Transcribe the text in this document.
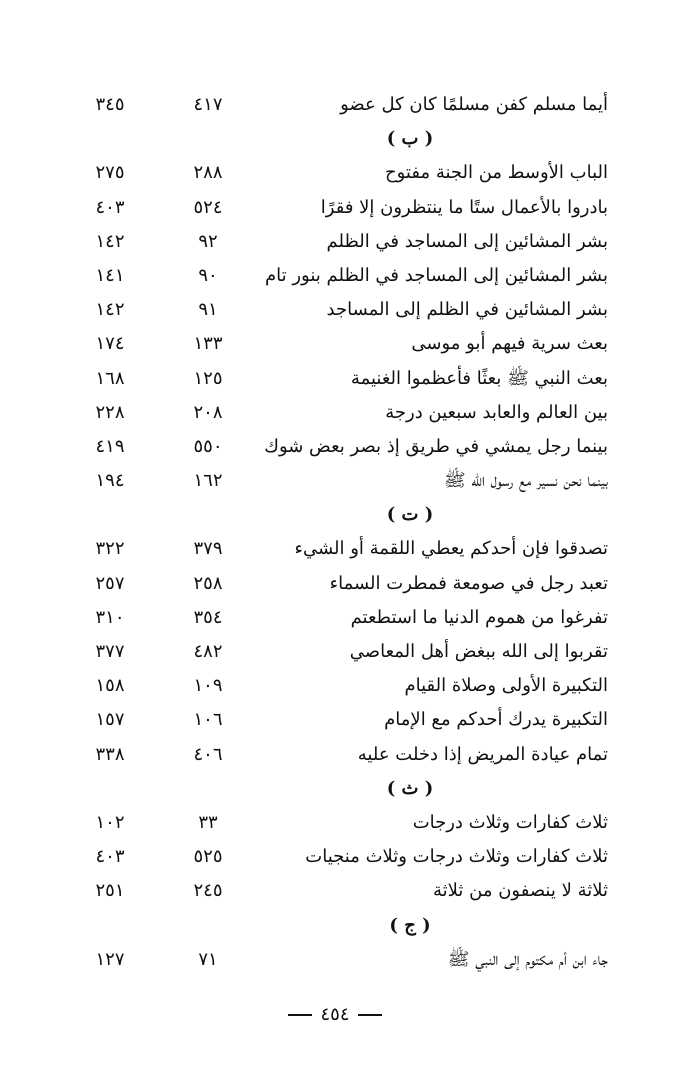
أيما مسلم كفن مسلمًا كان كل عضو
٤١٧
٣٤٥
( ب )
الباب الأوسط من الجنة مفتوح
٢٨٨
٢٧٥
بادروا بالأعمال ستًا ما ينتظرون إلا فقرًا
٥٢٤
٤٠٣
بشر المشائين إلى المساجد في الظلم
٩٢
١٤٢
بشر المشائين إلى المساجد في الظلم بنور تام
٩٠
١٤١
بشر المشائين في الظلم إلى المساجد
٩١
١٤٢
بعث سرية فيهم أبو موسى
١٣٣
١٧٤
بعث النبي ﷺ بعثًا فأعظموا الغنيمة
١٢٥
١٦٨
بين العالم والعابد سبعين درجة
٢٠٨
٢٢٨
بينما رجل يمشي في طريق إذ بصر بعض شوك
٥٥٠
٤١٩
بينما نحن نسير مع رسول الله ﷺ
١٦٢
١٩٤
( ت )
تصدقوا فإن أحدكم يعطي اللقمة أو الشيء
٣٧٩
٣٢٢
تعبد رجل في صومعة فمطرت السماء
٢٥٨
٢٥٧
تفرغوا من هموم الدنيا ما استطعتم
٣٥٤
٣١٠
تقربوا إلى الله ببغض أهل المعاصي
٤٨٢
٣٧٧
التكبيرة الأولى وصلاة القيام
١٠٩
١٥٨
التكبيرة يدرك أحدكم مع الإمام
١٠٦
١٥٧
تمام عيادة المريض إذا دخلت عليه
٤٠٦
٣٣٨
( ث )
ثلاث كفارات وثلاث درجات
٣٣
١٠٢
ثلاث كفارات وثلاث درجات وثلاث منجيات
٥٢٥
٤٠٣
ثلاثة لا ينصفون من ثلاثة
٢٤٥
٢٥١
( ج )
جاء ابن أم مكتوم إلى النبي ﷺ
٧١
١٢٧
٤٥٤
